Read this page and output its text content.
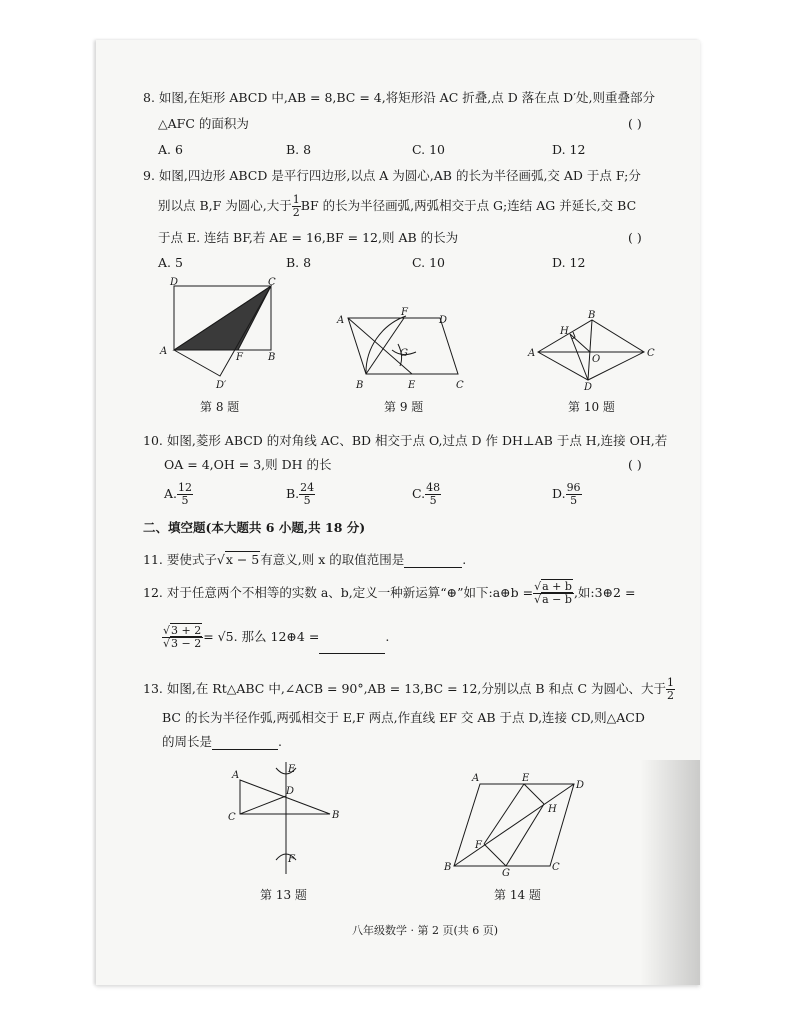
8. 如图,在矩形 ABCD 中,AB = 8,BC = 4,将矩形沿 AC 折叠,点 D 落在点 D′处,则重叠部分
△AFC 的面积为	( )
A. 6	B. 8	C. 10	D. 12
9. 如图,四边形 ABCD 是平行四边形,以点 A 为圆心,AB 的长为半径画弧,交 AD 于点 F;分
别以点 B,F 为圆心,大于 $\frac{1}{2}$ BF 的长为半径画弧,两弧相交于点 G;连结 AG 并延长,交 BC
于点 E. 连结 BF,若 AE = 16,BF = 12,则 AB 的长为	( )
A. 5	B. 8	C. 10	D. 12
D	C
A
F	B
D′
A
F
D
G
B	E	C
A
B
C
D
H
O
第 8 题	第 9 题	第 10 题
10. 如图,菱形 ABCD 的对角线 AC、BD 相交于点 O,过点 D 作 DH⊥AB 于点 H,连接 OH,若
OA = 4,OH = 3,则 DH 的长	( )
A. $\frac{12}{5}$	B. $\frac{24}{5}$	C. $\frac{48}{5}$	D. $\frac{96}{5}$
二、填空题(本大题共 6 小题,共 18 分)
11. 要使式子√x − 5有意义,则 x 的取值范围是	.
12. 对于任意两个不相等的实数 a、b,定义一种新运算“⊕”如下:a⊕b = $\frac{√a + b}{√a - b}$ ,如:3⊕2 =
$\frac{√3 + 2}{√3 - 2} = √5$. 那么 12⊕4 =	.
13. 如图,在 Rt△ABC 中,∠ACB = 90°,AB = 13,BC = 12,分别以点 B 和点 C 为圆心、大于 $\frac{1}{2}$
BC 的长为半径作弧,两弧相交于 E,F 两点,作直线 EF 交 AB 于点 D,连接 CD,则△ACD
的周长是	.
A
C	B
E
D
F
A	E
D
H
F
B
G
C
第 13 题	第 14 题
八年级数学 · 第 2 页(共 6 页)
